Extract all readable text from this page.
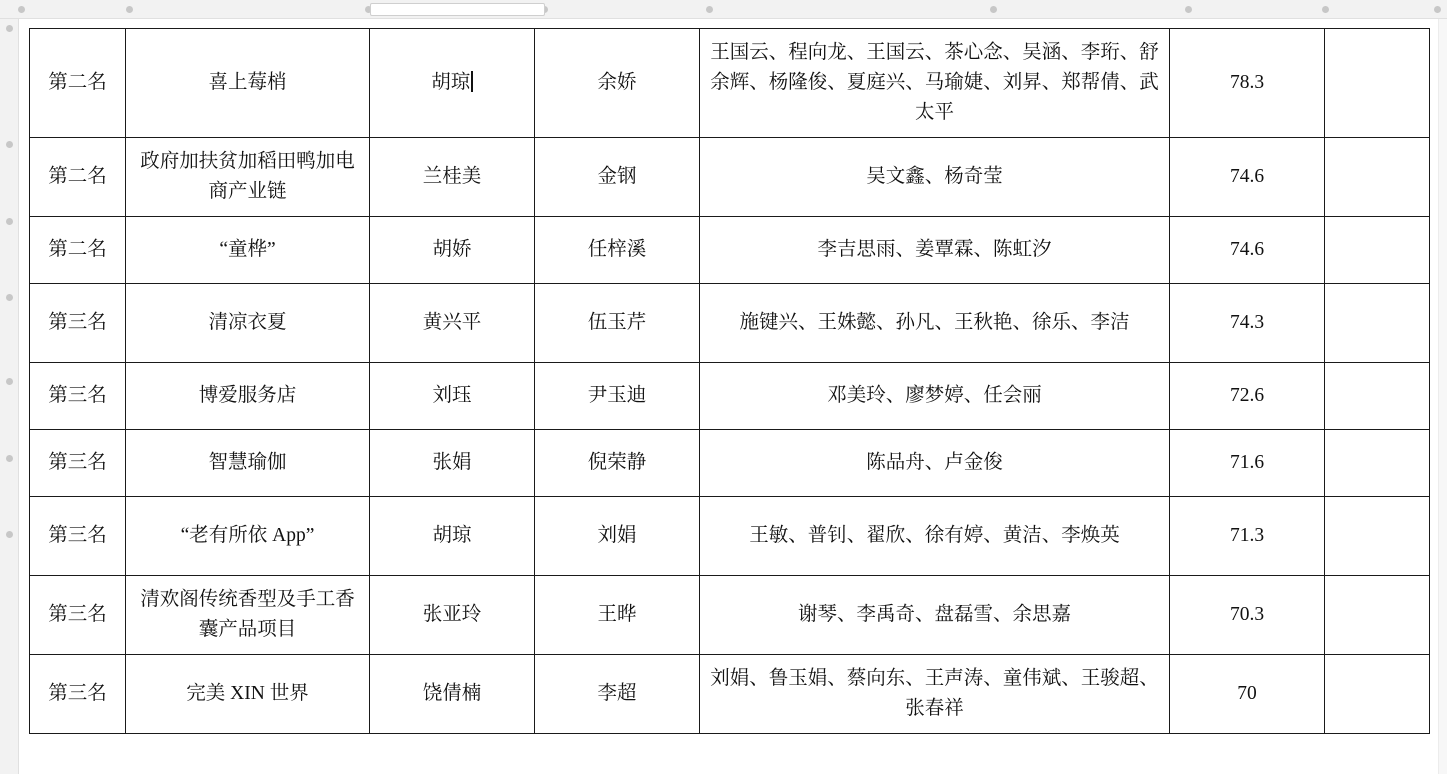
第二名	喜上莓梢	胡琼	余娇	王国云、程向龙、王国云、茶心念、吴涵、李珩、舒余辉、杨隆俊、夏庭兴、马瑜婕、刘昇、郑帮倩、武太平	78.3	
第二名	政府加扶贫加稻田鸭加电商产业链	兰桂美	金钢	吴文鑫、杨奇莹	74.6	
第二名	“童桦”	胡娇	任梓溪	李吉思雨、姜覃霖、陈虹汐	74.6	
第三名	清凉衣夏	黄兴平	伍玉芹	施键兴、王姝懿、孙凡、王秋艳、徐乐、李洁	74.3	
第三名	博爱服务店	刘珏	尹玉迪	邓美玲、廖梦婷、任会丽	72.6	
第三名	智慧瑜伽	张娟	倪荣静	陈品舟、卢金俊	71.6	
第三名	“老有所依 App”	胡琼	刘娟	王敏、普钊、翟欣、徐有婷、黄洁、李焕英	71.3	
第三名	清欢阁传统香型及手工香囊产品项目	张亚玲	王晔	谢琴、李禹奇、盘磊雪、余思嘉	70.3	
第三名	完美 XIN 世界	饶倩楠	李超	刘娟、鲁玉娟、蔡向东、王声涛、童伟斌、王骏超、张春祥	70	
